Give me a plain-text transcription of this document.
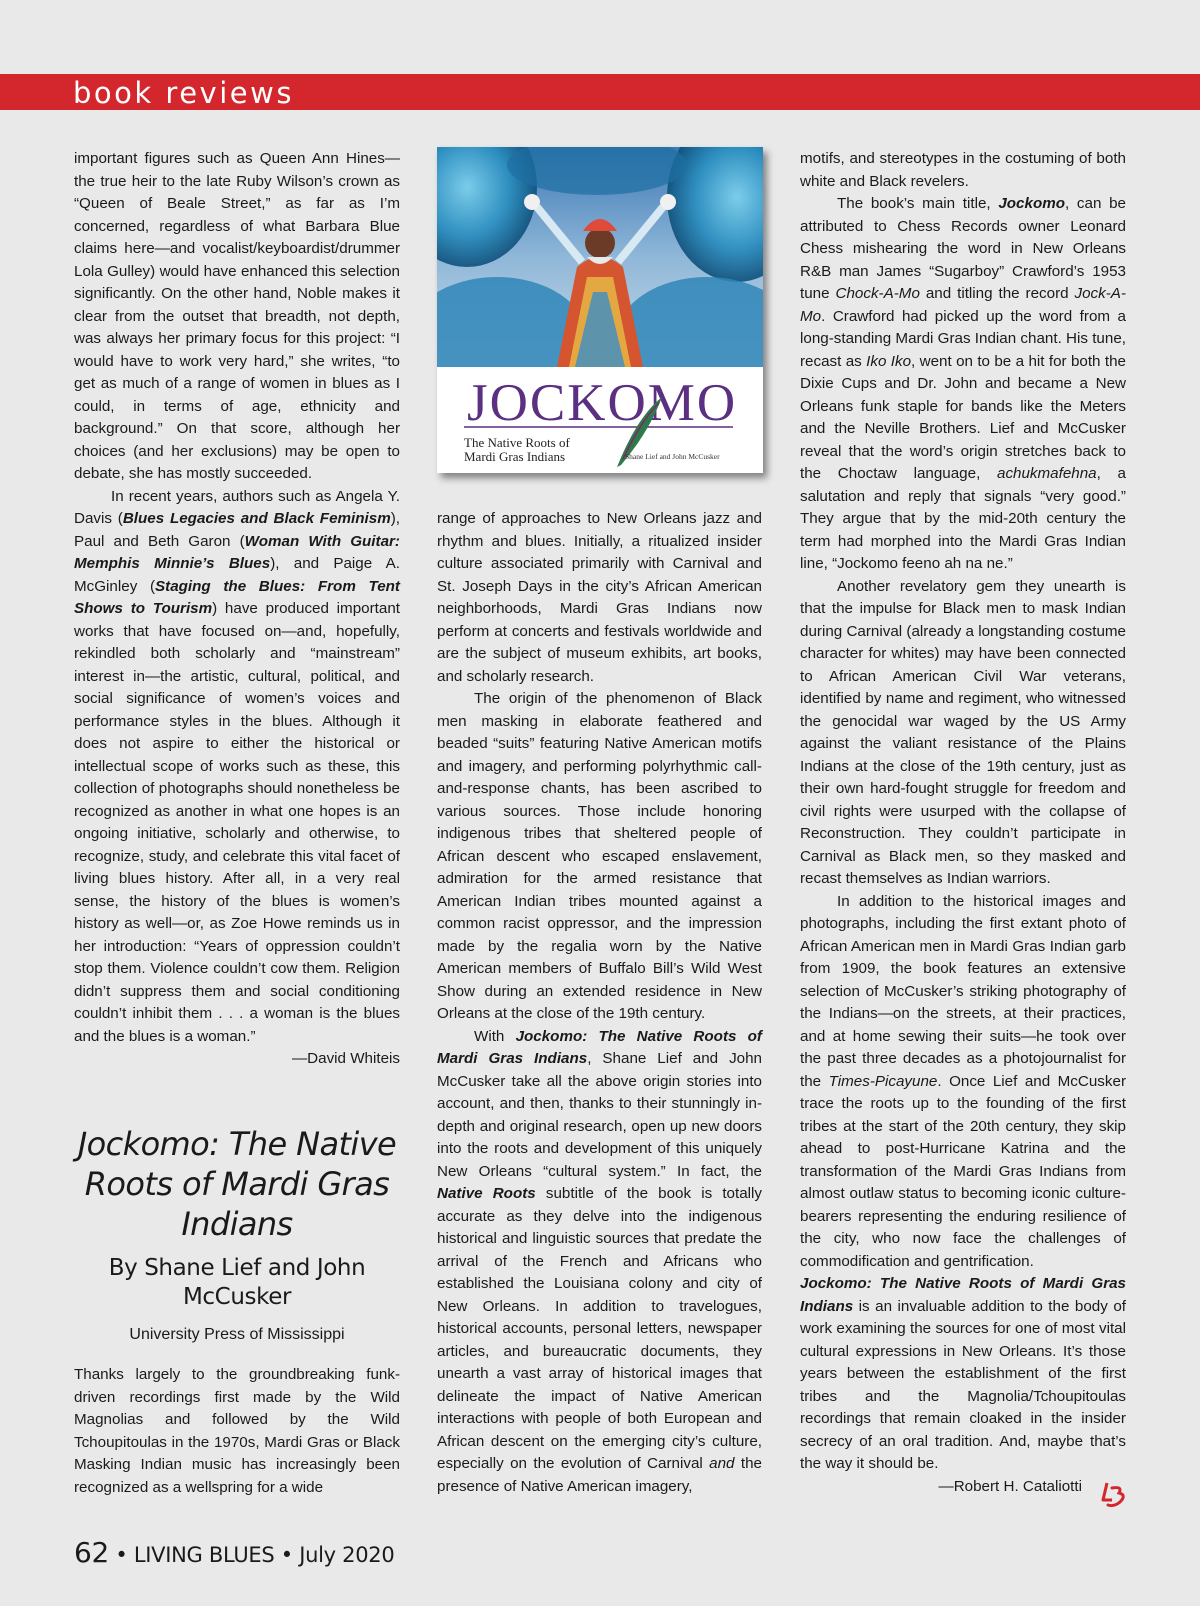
book reviews

important figures such as Queen Ann Hines—the true heir to the late Ruby Wilson’s crown as “Queen of Beale Street,” as far as I’m concerned, regardless of what Barbara Blue claims here—and vocalist/keyboardist/drummer Lola Gulley) would have enhanced this selection significantly. On the other hand, Noble makes it clear from the outset that breadth, not depth, was always her primary focus for this project: “I would have to work very hard,” she writes, “to get as much of a range of women in blues as I could, in terms of age, ethnicity and background.” On that score, although her choices (and her exclusions) may be open to debate, she has mostly succeeded.

In recent years, authors such as Angela Y. Davis (Blues Legacies and Black Feminism), Paul and Beth Garon (Woman With Guitar: Memphis Minnie’s Blues), and Paige A. McGinley (Staging the Blues: From Tent Shows to Tourism) have produced important works that have focused on—and, hopefully, rekindled both scholarly and “mainstream” interest in—the artistic, cultural, political, and social significance of women’s voices and performance styles in the blues. Although it does not aspire to either the historical or intellectual scope of works such as these, this collection of photographs should nonetheless be recognized as another in what one hopes is an ongoing initiative, scholarly and otherwise, to recognize, study, and celebrate this vital facet of living blues history. After all, in a very real sense, the history of the blues is women’s history as well—or, as Zoe Howe reminds us in her introduction: “Years of oppression couldn’t stop them. Violence couldn’t cow them. Religion didn’t suppress them and social conditioning couldn’t inhibit them . . . a woman is the blues and the blues is a woman.”

—David Whiteis

Jockomo: The Native Roots of Mardi Gras Indians
By Shane Lief and John McCusker
University Press of Mississippi

Thanks largely to the groundbreaking funk-driven recordings first made by the Wild Magnolias and followed by the Wild Tchoupitoulas in the 1970s, Mardi Gras or Black Masking Indian music has increasingly been recognized as a wellspring for a wide

JOCKOMO
The Native Roots of
Mardi Gras Indians	Shane Lief and John McCusker

range of approaches to New Orleans jazz and rhythm and blues. Initially, a ritualized insider culture associated primarily with Carnival and St. Joseph Days in the city’s African American neighborhoods, Mardi Gras Indians now perform at concerts and festivals worldwide and are the subject of museum exhibits, art books, and scholarly research.

The origin of the phenomenon of Black men masking in elaborate feathered and beaded “suits” featuring Native American motifs and imagery, and performing polyrhythmic call-and-response chants, has been ascribed to various sources. Those include honoring indigenous tribes that sheltered people of African descent who escaped enslavement, admiration for the armed resistance that American Indian tribes mounted against a common racist oppressor, and the impression made by the regalia worn by the Native American members of Buffalo Bill’s Wild West Show during an extended residence in New Orleans at the close of the 19th century.

With Jockomo: The Native Roots of Mardi Gras Indians, Shane Lief and John McCusker take all the above origin stories into account, and then, thanks to their stunningly in-depth and original research, open up new doors into the roots and development of this uniquely New Orleans “cultural system.” In fact, the Native Roots subtitle of the book is totally accurate as they delve into the indigenous historical and linguistic sources that predate the arrival of the French and Africans who established the Louisiana colony and city of New Orleans. In addition to travelogues, historical accounts, personal letters, newspaper articles, and bureaucratic documents, they unearth a vast array of historical images that delineate the impact of Native American interactions with people of both European and African descent on the emerging city’s culture, especially on the evolution of Carnival and the presence of Native American imagery,

motifs, and stereotypes in the costuming of both white and Black revelers.

The book’s main title, Jockomo, can be attributed to Chess Records owner Leonard Chess mishearing the word in New Orleans R&B man James “Sugarboy” Crawford’s 1953 tune Chock-A-Mo and titling the record Jock-A-Mo. Crawford had picked up the word from a long-standing Mardi Gras Indian chant. His tune, recast as Iko Iko, went on to be a hit for both the Dixie Cups and Dr. John and became a New Orleans funk staple for bands like the Meters and the Neville Brothers. Lief and McCusker reveal that the word’s origin stretches back to the Choctaw language, achukmafehna, a salutation and reply that signals “very good.” They argue that by the mid-20th century the term had morphed into the Mardi Gras Indian line, “Jockomo feeno ah na ne.”

Another revelatory gem they unearth is that the impulse for Black men to mask Indian during Carnival (already a longstanding costume character for whites) may have been connected to African American Civil War veterans, identified by name and regiment, who witnessed the genocidal war waged by the US Army against the valiant resistance of the Plains Indians at the close of the 19th century, just as their own hard-fought struggle for freedom and civil rights were usurped with the collapse of Reconstruction. They couldn’t participate in Carnival as Black men, so they masked and recast themselves as Indian warriors.

In addition to the historical images and photographs, including the first extant photo of African American men in Mardi Gras Indian garb from 1909, the book features an extensive selection of McCusker’s striking photography of the Indians—on the streets, at their practices, and at home sewing their suits—he took over the past three decades as a photojournalist for the Times-Picayune. Once Lief and McCusker trace the roots up to the founding of the first tribes at the start of the 20th century, they skip ahead to post-Hurricane Katrina and the transformation of the Mardi Gras Indians from almost outlaw status to becoming iconic culture-bearers representing the enduring resilience of the city, who now face the challenges of commodification and gentrification.

Jockomo: The Native Roots of Mardi Gras Indians is an invaluable addition to the body of work examining the sources for one of most vital cultural expressions in New Orleans. It’s those years between the establishment of the first tribes and the Magnolia/Tchoupitoulas recordings that remain cloaked in the insider secrecy of an oral tradition. And, maybe that’s the way it should be.

—Robert H. Cataliotti

62 • LIVING BLUES • July 2020
